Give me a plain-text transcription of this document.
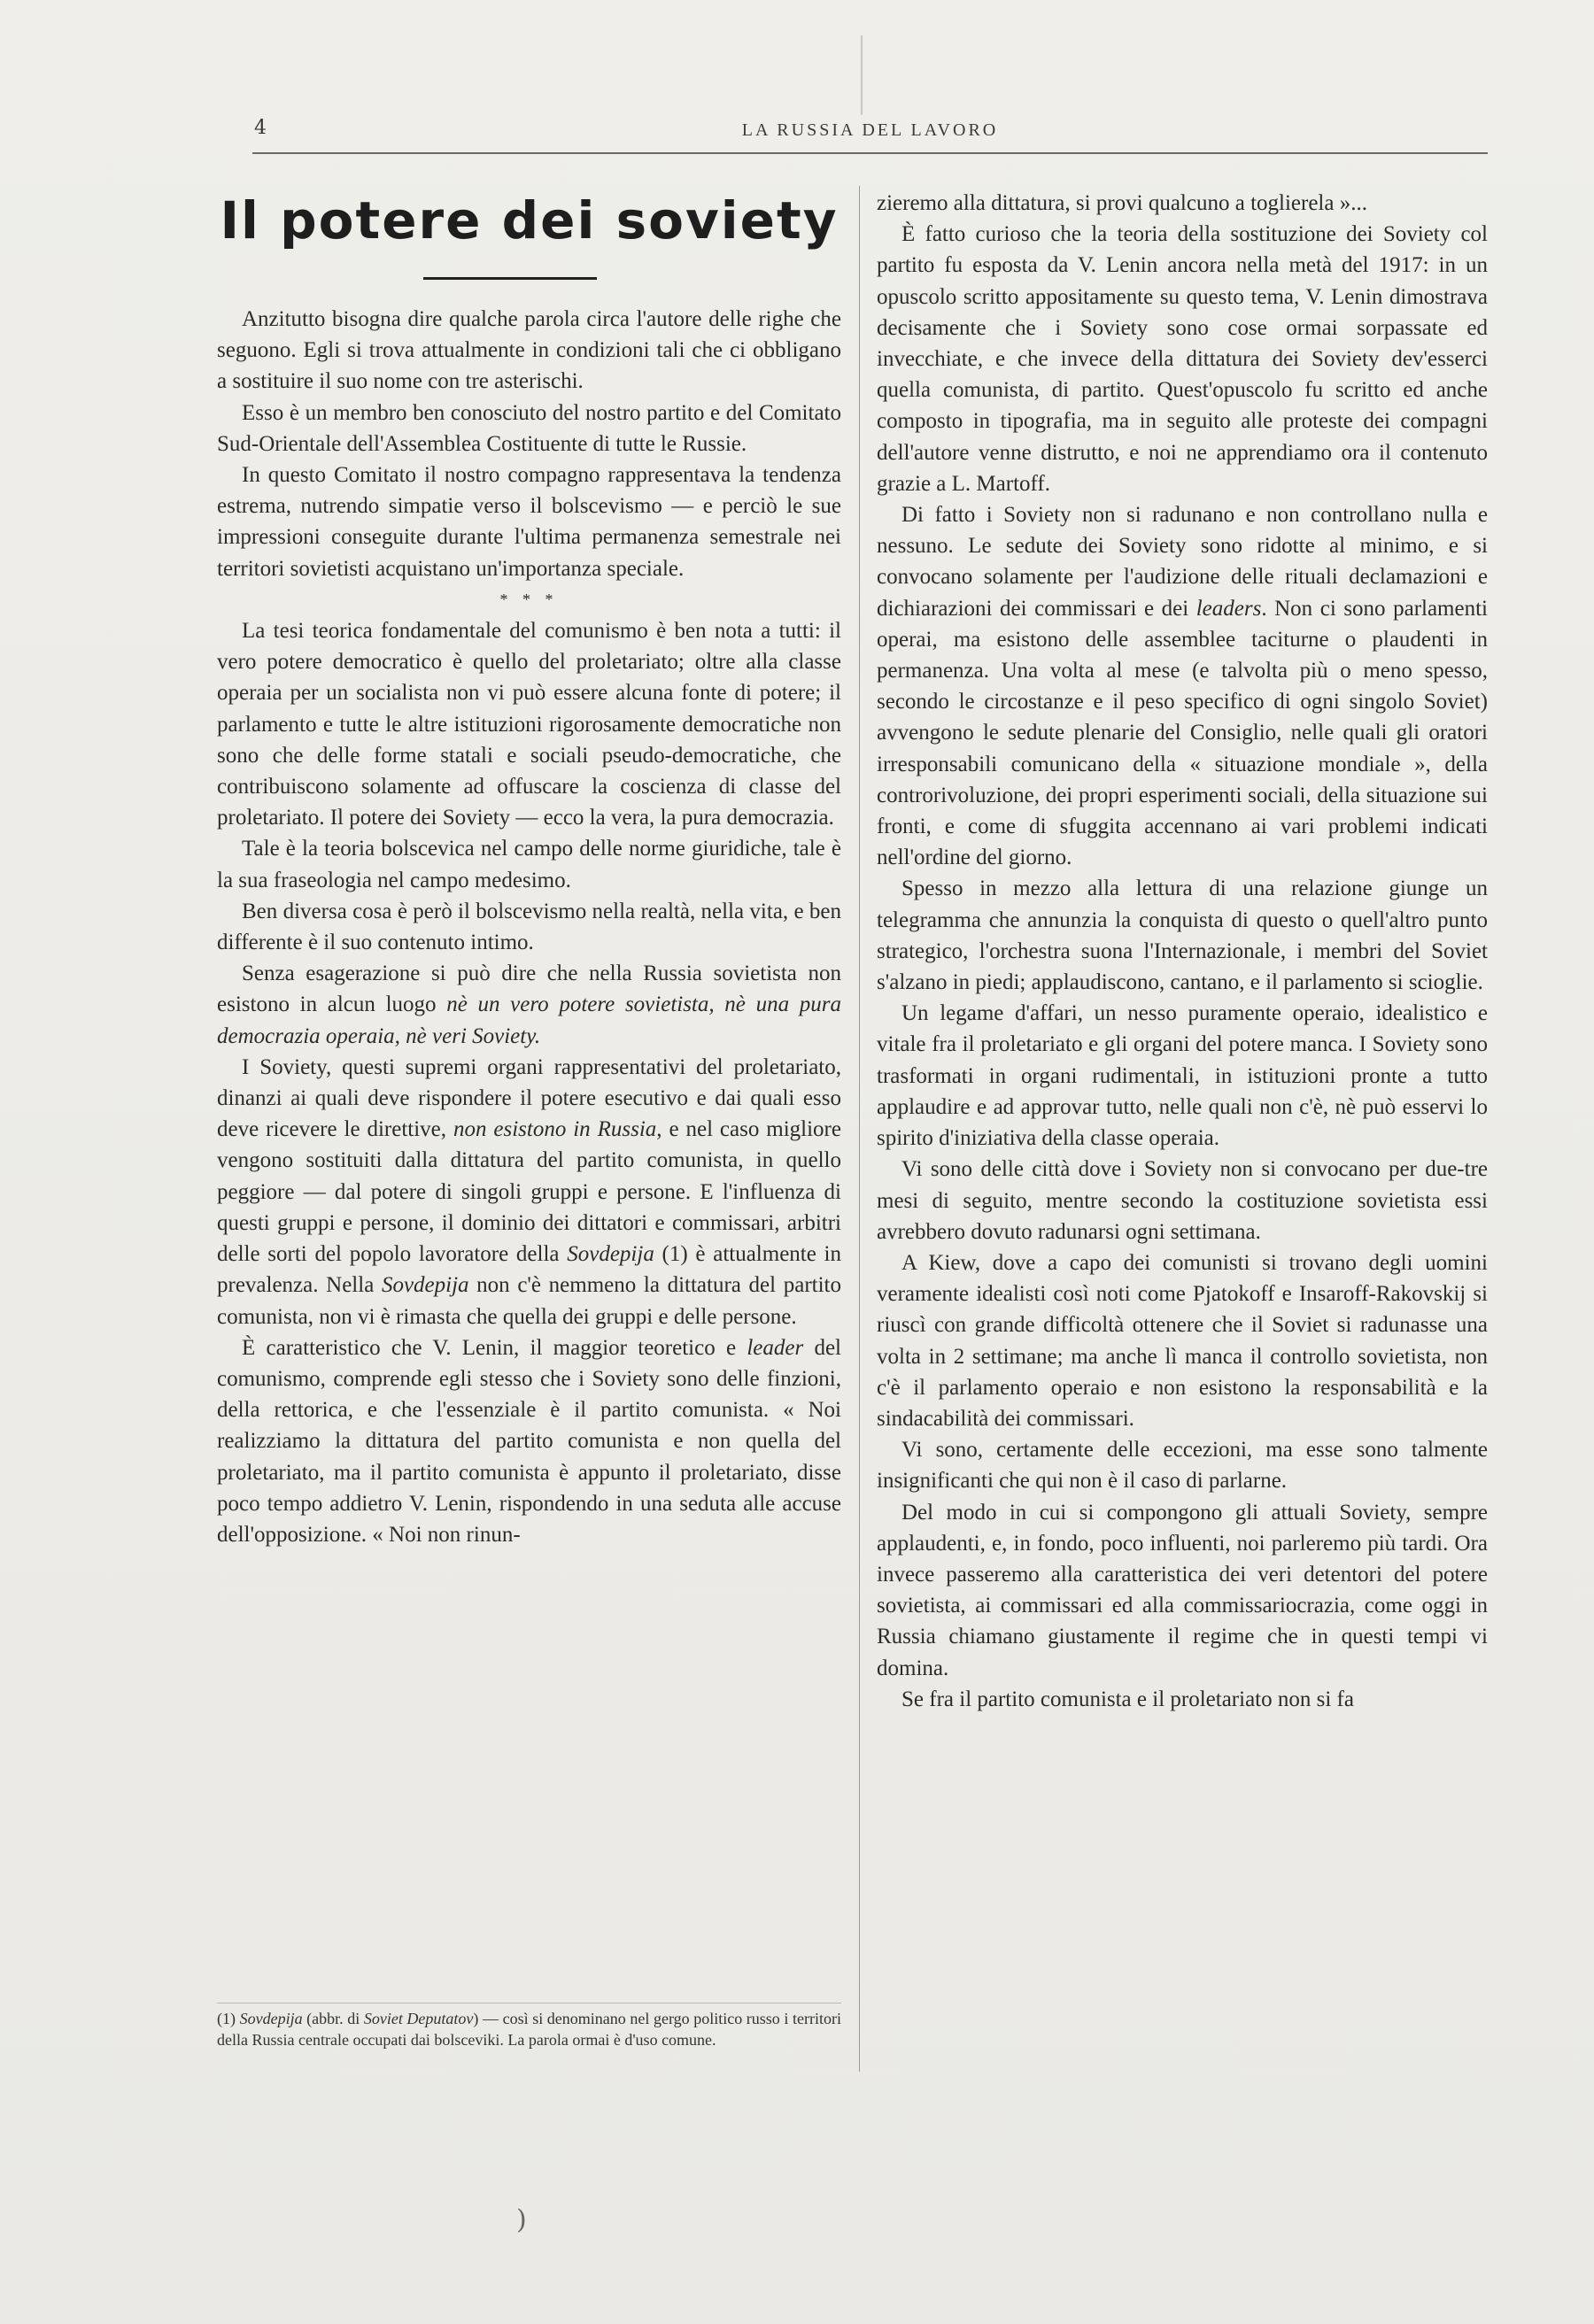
4	LA RUSSIA DEL LAVORO
Il potere dei soviety

Anzitutto bisogna dire qualche parola circa l'autore delle righe che seguono. Egli si trova attualmente in condizioni tali che ci obbligano a sostituire il suo nome con tre asterischi.

Esso è un membro ben conosciuto del nostro partito e del Comitato Sud-Orientale dell'Assemblea Costituente di tutte le Russie.

In questo Comitato il nostro compagno rappresentava la tendenza estrema, nutrendo simpatie verso il bolscevismo — e perciò le sue impressioni conseguite durante l'ultima permanenza semestrale nei territori sovietisti acquistano un'importanza speciale.

* * *

La tesi teorica fondamentale del comunismo è ben nota a tutti: il vero potere democratico è quello del proletariato; oltre alla classe operaia per un socialista non vi può essere alcuna fonte di potere; il parlamento e tutte le altre istituzioni rigorosamente democratiche non sono che delle forme statali e sociali pseudo-democratiche, che contribuiscono solamente ad offuscare la coscienza di classe del proletariato. Il potere dei Soviety — ecco la vera, la pura democrazia.

Tale è la teoria bolscevica nel campo delle norme giuridiche, tale è la sua fraseologia nel campo medesimo.

Ben diversa cosa è però il bolscevismo nella realtà, nella vita, e ben differente è il suo contenuto intimo.

Senza esagerazione si può dire che nella Russia sovietista non esistono in alcun luogo nè un vero potere sovietista, nè una pura democrazia operaia, nè veri Soviety.

I Soviety, questi supremi organi rappresentativi del proletariato, dinanzi ai quali deve rispondere il potere esecutivo e dai quali esso deve ricevere le direttive, non esistono in Russia, e nel caso migliore vengono sostituiti dalla dittatura del partito comunista, in quello peggiore — dal potere di singoli gruppi e persone. E l'influenza di questi gruppi e persone, il dominio dei dittatori e commissari, arbitri delle sorti del popolo lavoratore della Sovdepija (1) è attualmente in prevalenza. Nella Sovdepija non c'è nemmeno la dittatura del partito comunista, non vi è rimasta che quella dei gruppi e delle persone.

È caratteristico che V. Lenin, il maggior teoretico e leader del comunismo, comprende egli stesso che i Soviety sono delle finzioni, della rettorica, e che l'essenziale è il partito comunista. « Noi realizziamo la dittatura del partito comunista e non quella del proletariato, ma il partito comunista è appunto il proletariato, disse poco tempo addietro V. Lenin, rispondendo in una seduta alle accuse dell'opposizione. « Noi non rinun-

zieremo alla dittatura, si provi qualcuno a toglierela »...

È fatto curioso che la teoria della sostituzione dei Soviety col partito fu esposta da V. Lenin ancora nella metà del 1917: in un opuscolo scritto appositamente su questo tema, V. Lenin dimostrava decisamente che i Soviety sono cose ormai sorpassate ed invecchiate, e che invece della dittatura dei Soviety dev'esserci quella comunista, di partito. Quest'opuscolo fu scritto ed anche composto in tipografia, ma in seguito alle proteste dei compagni dell'autore venne distrutto, e noi ne apprendiamo ora il contenuto grazie a L. Martoff.

Di fatto i Soviety non si radunano e non controllano nulla e nessuno. Le sedute dei Soviety sono ridotte al minimo, e si convocano solamente per l'audizione delle rituali declamazioni e dichiarazioni dei commissari e dei leaders. Non ci sono parlamenti operai, ma esistono delle assemblee taciturne o plaudenti in permanenza. Una volta al mese (e talvolta più o meno spesso, secondo le circostanze e il peso specifico di ogni singolo Soviet) avvengono le sedute plenarie del Consiglio, nelle quali gli oratori irresponsabili comunicano della « situazione mondiale », della controrivoluzione, dei propri esperimenti sociali, della situazione sui fronti, e come di sfuggita accennano ai vari problemi indicati nell'ordine del giorno.

Spesso in mezzo alla lettura di una relazione giunge un telegramma che annunzia la conquista di questo o quell'altro punto strategico, l'orchestra suona l'Internazionale, i membri del Soviet s'alzano in piedi; applaudiscono, cantano, e il parlamento si scioglie.

Un legame d'affari, un nesso puramente operaio, idealistico e vitale fra il proletariato e gli organi del potere manca. I Soviety sono trasformati in organi rudimentali, in istituzioni pronte a tutto applaudire e ad approvar tutto, nelle quali non c'è, nè può esservi lo spirito d'iniziativa della classe operaia.

Vi sono delle città dove i Soviety non si convocano per due-tre mesi di seguito, mentre secondo la costituzione sovietista essi avrebbero dovuto radunarsi ogni settimana.

A Kiew, dove a capo dei comunisti si trovano degli uomini veramente idealisti così noti come Pjatokoff e Insaroff-Rakovskij si riuscì con grande difficoltà ottenere che il Soviet si radunasse una volta in 2 settimane; ma anche lì manca il controllo sovietista, non c'è il parlamento operaio e non esistono la responsabilità e la sindacabilità dei commissari.

Vi sono, certamente delle eccezioni, ma esse sono talmente insignificanti che qui non è il caso di parlarne.

Del modo in cui si compongono gli attuali Soviety, sempre applaudenti, e, in fondo, poco influenti, noi parleremo più tardi. Ora invece passeremo alla caratteristica dei veri detentori del potere sovietista, ai commissari ed alla commissariocrazia, come oggi in Russia chiamano giustamente il regime che in questi tempi vi domina.

Se fra il partito comunista e il proletariato non si fa

(1) Sovdepija (abbr. di Soviet Deputatov) — così si denominano nel gergo politico russo i territori della Russia centrale occupati dai bolsceviki. La parola ormai è d'uso comune.
)
